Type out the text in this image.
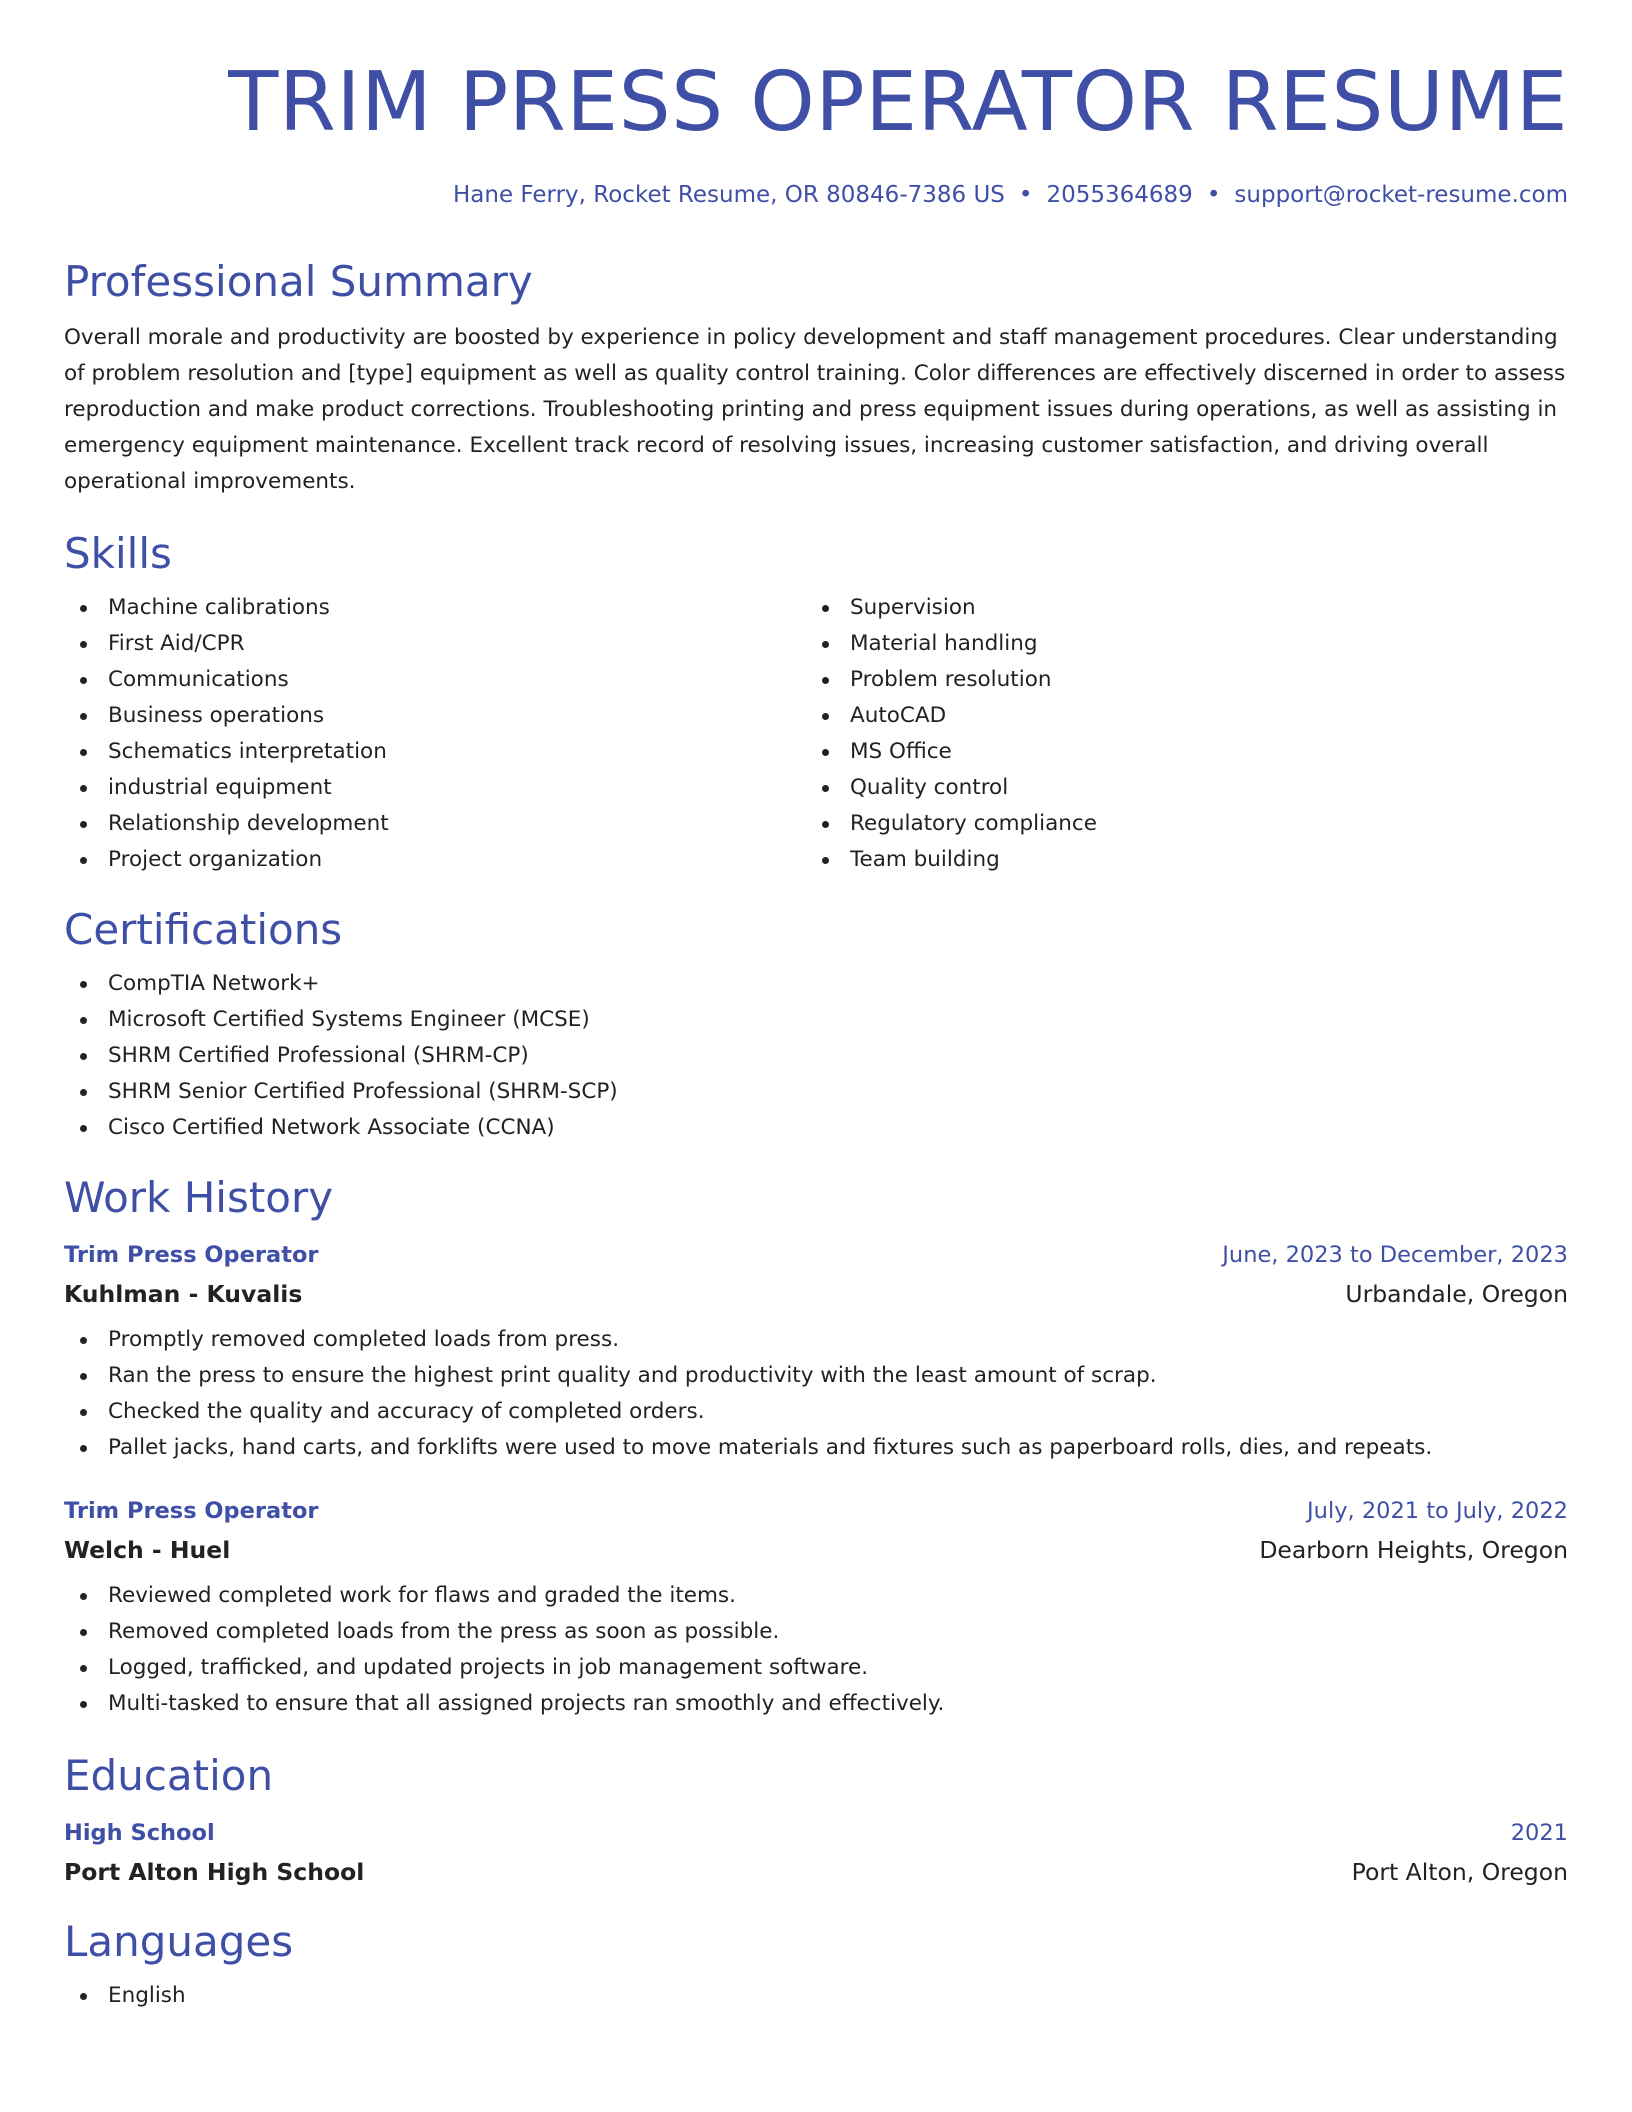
TRIM PRESS OPERATOR RESUME
Hane Ferry, Rocket Resume, OR 80846-7386 US • 2055364689 • support@rocket-resume.com
Professional Summary

Overall morale and productivity are boosted by experience in policy development and staff management procedures. Clear understanding of problem resolution and [type] equipment as well as quality control training. Color differences are effectively discerned in order to assess reproduction and make product corrections. Troubleshooting printing and press equipment issues during operations, as well as assisting in emergency equipment maintenance. Excellent track record of resolving issues, increasing customer satisfaction, and driving overall operational improvements.

Skills
Machine calibrations
First Aid/CPR
Communications
Business operations
Schematics interpretation
industrial equipment
Relationship development
Project organization
Supervision
Material handling
Problem resolution
AutoCAD
MS Office
Quality control
Regulatory compliance
Team building
Certifications
CompTIA Network+
Microsoft Certified Systems Engineer (MCSE)
SHRM Certified Professional (SHRM-CP)
SHRM Senior Certified Professional (SHRM-SCP)
Cisco Certified Network Associate (CCNA)
Work History
Trim Press Operator	June, 2023 to December, 2023
Kuhlman - Kuvalis	Urbandale, Oregon
Promptly removed completed loads from press.
Ran the press to ensure the highest print quality and productivity with the least amount of scrap.
Checked the quality and accuracy of completed orders.
Pallet jacks, hand carts, and forklifts were used to move materials and fixtures such as paperboard rolls, dies, and repeats.
Trim Press Operator	July, 2021 to July, 2022
Welch - Huel	Dearborn Heights, Oregon
Reviewed completed work for flaws and graded the items.
Removed completed loads from the press as soon as possible.
Logged, trafficked, and updated projects in job management software.
Multi-tasked to ensure that all assigned projects ran smoothly and effectively.
Education
High School	2021
Port Alton High School	Port Alton, Oregon
Languages
English
